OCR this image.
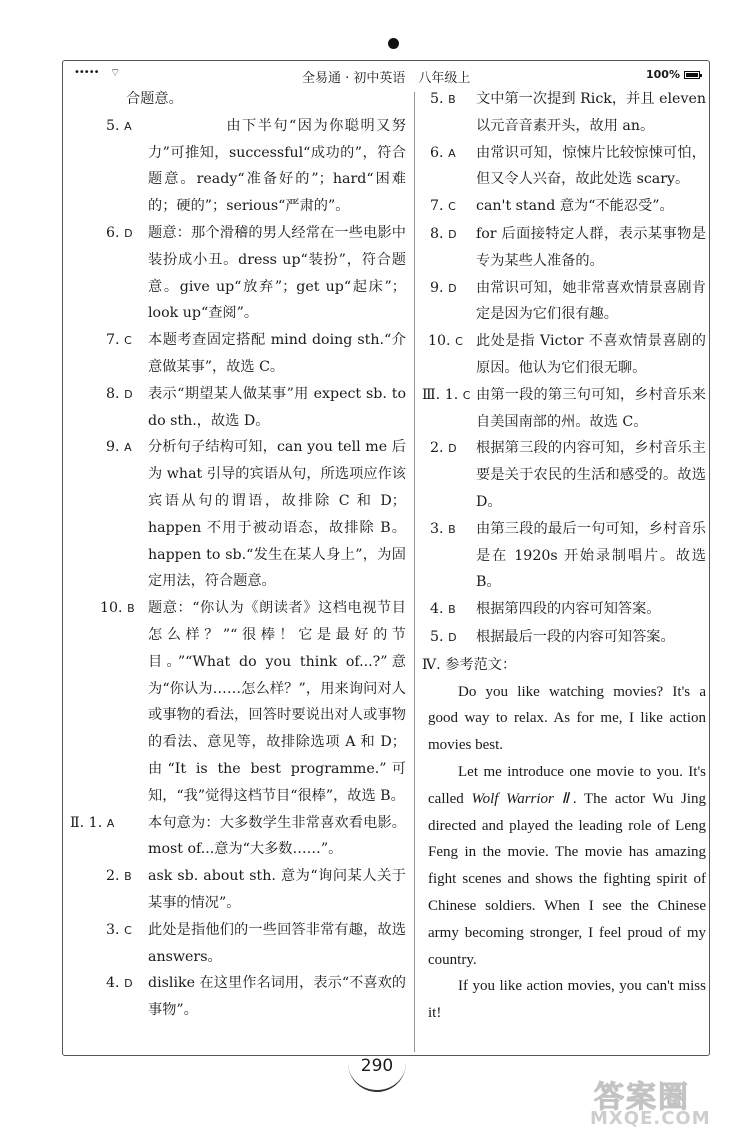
••••• ⌔	全易通 · 初中英语　八年级上	100%
合题意。
5. A	　　　　　由下半句“因为你聪明又努力”可推知，successful“成功的”，符合题意。ready“准备好的”；hard“困难的；硬的”；serious“严肃的”。
6. D	题意：那个滑稽的男人经常在一些电影中装扮成小丑。dress up“装扮”，符合题意。give up“放弃”；get up“起床”；look up“查阅”。
7. C	本题考查固定搭配 mind doing sth.“介意做某事”，故选 C。
8. D	表示“期望某人做某事”用 expect sb. to do sth.，故选 D。
9. A	分析句子结构可知，can you tell me 后为 what 引导的宾语从句，所选项应作该宾语从句的谓语，故排除 C 和 D；happen 不用于被动语态，故排除 B。happen to sb.“发生在某人身上”，为固定用法，符合题意。
10. B 题意：“你认为《朗读者》这档电视节目怎么样？”“很棒！它是最好的节目。”“What do you think of...?”意为“你认为……怎么样？”，用来询问对人或事物的看法，回答时要说出对人或事物的看法、意见等，故排除选项 A 和 D；由“It is the best programme.”可知，“我”觉得这档节目“很棒”，故选 B。
Ⅱ. 1. A	本句意为：大多数学生非常喜欢看电影。most of...意为“大多数……”。
2. B	ask sb. about sth. 意为“询问某人关于某事的情况”。
3. C	此处是指他们的一些回答非常有趣，故选 answers。
4. D	dislike 在这里作名词用，表示“不喜欢的事物”。
5. B	文中第一次提到 Rick，并且 eleven 以元音音素开头，故用 an。
6. A	由常识可知，惊悚片比较惊悚可怕，但又令人兴奋，故此处选 scary。
7. C	can't stand 意为“不能忍受”。
8. D	for 后面接特定人群，表示某事物是专为某些人准备的。
9. D	由常识可知，她非常喜欢情景喜剧肯定是因为它们很有趣。
10. C 此处是指 Victor 不喜欢情景喜剧的原因。他认为它们很无聊。
Ⅲ. 1. C 由第一段的第三句可知，乡村音乐来自美国南部的州。故选 C。
2. D	根据第三段的内容可知，乡村音乐主要是关于农民的生活和感受的。故选 D。
3. B	由第三段的最后一句可知，乡村音乐是在 1920s 开始录制唱片。故选 B。
4. B	根据第四段的内容可知答案。
5. D	根据最后一段的内容可知答案。
Ⅳ. 参考范文：

Do you like watching movies? It's a good way to relax. As for me, I like action movies best.

Let me introduce one movie to you. It's called Wolf Warrior Ⅱ. The actor Wu Jing directed and played the leading role of Leng Feng in the movie. The movie has amazing fight scenes and shows the fighting spirit of Chinese soldiers. When I see the Chinese army becoming stronger, I feel proud of my country.

If you like action movies, you can't miss it!

290
答案圈
MXQE.COM
